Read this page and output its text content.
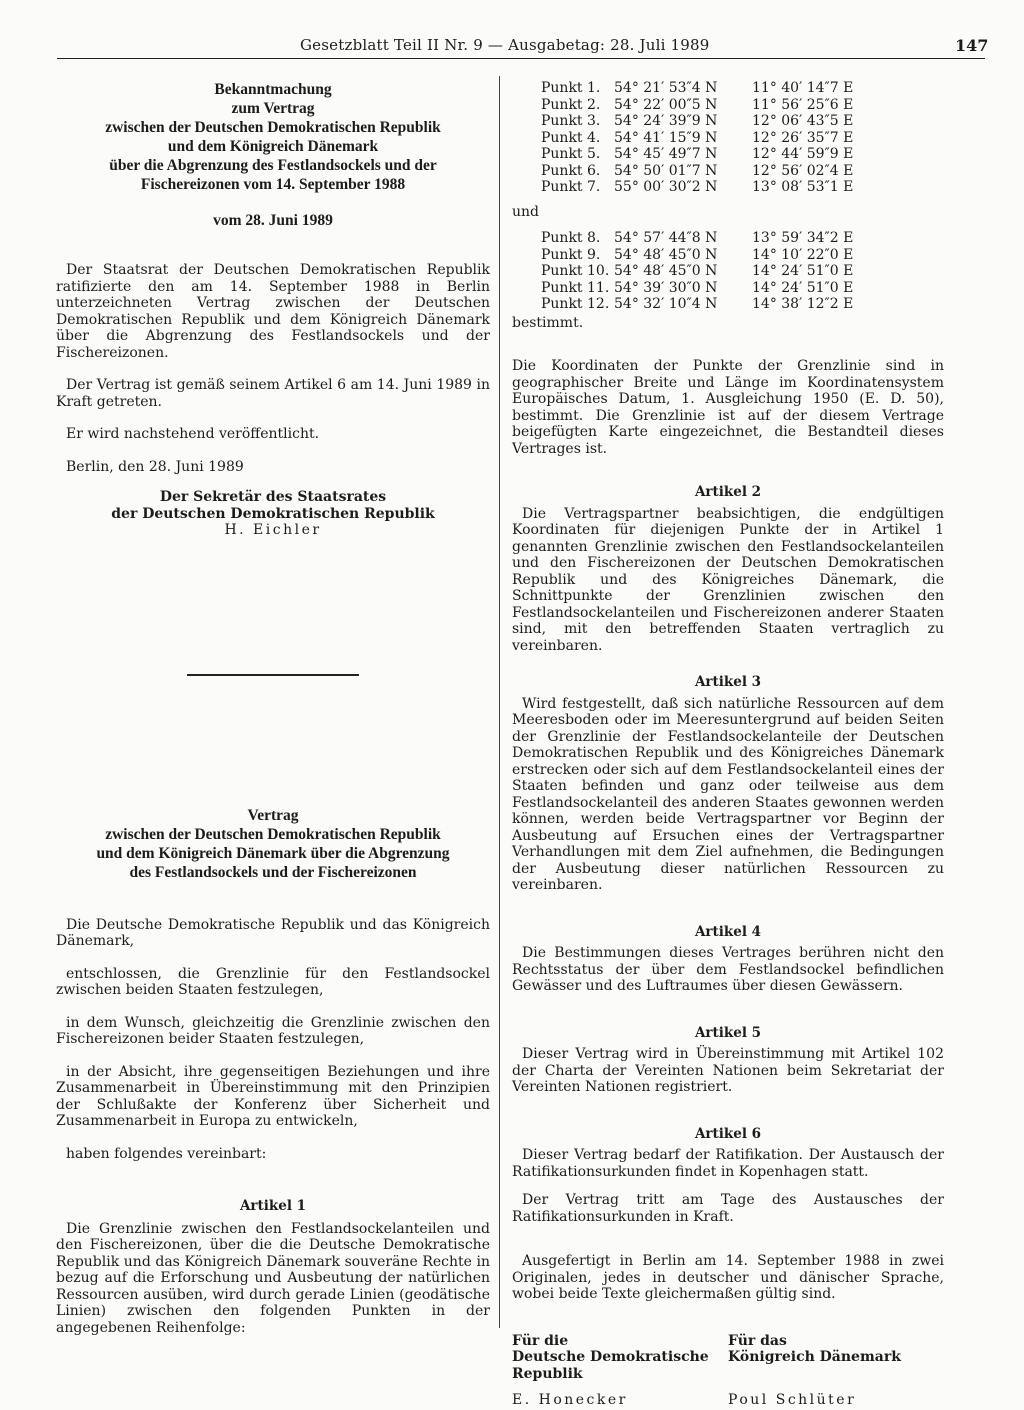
Gesetzblatt Teil II Nr. 9 — Ausgabetag: 28. Juli 1989	147
Bekanntmachung
zum Vertrag
zwischen der Deutschen Demokratischen Republik
und dem Königreich Dänemark
über die Abgrenzung des Festlandsockels und der
Fischereizonen vom 14. September 1988
vom 28. Juni 1989

Der Staatsrat der Deutschen Demokratischen Republik ratifizierte den am 14. September 1988 in Berlin unterzeichneten Vertrag zwischen der Deutschen Demokratischen Republik und dem Königreich Dänemark über die Abgrenzung des Festlandsockels und der Fischereizonen.

Der Vertrag ist gemäß seinem Artikel 6 am 14. Juni 1989 in Kraft getreten.

Er wird nachstehend veröffentlicht.

Berlin, den 28. Juni 1989

Der Sekretär des Staatsrates
der Deutschen Demokratischen Republik
H. Eichler
Vertrag
zwischen der Deutschen Demokratischen Republik
und dem Königreich Dänemark über die Abgrenzung
des Festlandsockels und der Fischereizonen

Die Deutsche Demokratische Republik und das Königreich Dänemark,

entschlossen, die Grenzlinie für den Festlandsockel zwischen beiden Staaten festzulegen,

in dem Wunsch, gleichzeitig die Grenzlinie zwischen den Fischereizonen beider Staaten festzulegen,

in der Absicht, ihre gegenseitigen Beziehungen und ihre Zusammenarbeit in Übereinstimmung mit den Prinzipien der Schlußakte der Konferenz über Sicherheit und Zusammenarbeit in Europa zu entwickeln,

haben folgendes vereinbart:

Artikel 1

Die Grenzlinie zwischen den Festlandsockelanteilen und den Fischereizonen, über die die Deutsche Demokratische Republik und das Königreich Dänemark souveräne Rechte in bezug auf die Erforschung und Ausbeutung der natürlichen Ressourcen ausüben, wird durch gerade Linien (geodätische Linien) zwischen den folgenden Punkten in der angegebenen Reihenfolge:

Punkt 1.	54° 21′ 53″4 N	11° 40′ 14″7 E
Punkt 2.	54° 22′ 00″5 N	11° 56′ 25″6 E
Punkt 3.	54° 24′ 39″9 N	12° 06′ 43″5 E
Punkt 4.	54° 41′ 15″9 N	12° 26′ 35″7 E
Punkt 5.	54° 45′ 49″7 N	12° 44′ 59″9 E
Punkt 6.	54° 50′ 01″7 N	12° 56′ 02″4 E
Punkt 7.	55° 00′ 30″2 N	13° 08′ 53″1 E
und
Punkt 8.	54° 57′ 44″8 N	13° 59′ 34″2 E
Punkt 9.	54° 48′ 45″0 N	14° 10′ 22″0 E
Punkt 10.	54° 48′ 45″0 N	14° 24′ 51″0 E
Punkt 11.	54° 39′ 30″0 N	14° 24′ 51″0 E
Punkt 12.	54° 32′ 10″4 N	14° 38′ 12″2 E
bestimmt.

Die Koordinaten der Punkte der Grenzlinie sind in geographischer Breite und Länge im Koordinatensystem Europäisches Datum, 1. Ausgleichung 1950 (E. D. 50), bestimmt. Die Grenzlinie ist auf der diesem Vertrage beigefügten Karte eingezeichnet, die Bestandteil dieses Vertrages ist.

Artikel 2

Die Vertragspartner beabsichtigen, die endgültigen Koordinaten für diejenigen Punkte der in Artikel 1 genannten Grenzlinie zwischen den Festlandsockelanteilen und den Fischereizonen der Deutschen Demokratischen Republik und des Königreiches Dänemark, die Schnittpunkte der Grenzlinien zwischen den Festlandsockelanteilen und Fischereizonen anderer Staaten sind, mit den betreffenden Staaten vertraglich zu vereinbaren.

Artikel 3

Wird festgestellt, daß sich natürliche Ressourcen auf dem Meeresboden oder im Meeresuntergrund auf beiden Seiten der Grenzlinie der Festlandsockelanteile der Deutschen Demokratischen Republik und des Königreiches Dänemark erstrecken oder sich auf dem Festlandsockelanteil eines der Staaten befinden und ganz oder teilweise aus dem Festlandsockelanteil des anderen Staates gewonnen werden können, werden beide Vertragspartner vor Beginn der Ausbeutung auf Ersuchen eines der Vertragspartner Verhandlungen mit dem Ziel aufnehmen, die Bedingungen der Ausbeutung dieser natürlichen Ressourcen zu vereinbaren.

Artikel 4

Die Bestimmungen dieses Vertrages berühren nicht den Rechtsstatus der über dem Festlandsockel befindlichen Gewässer und des Luftraumes über diesen Gewässern.

Artikel 5

Dieser Vertrag wird in Übereinstimmung mit Artikel 102 der Charta der Vereinten Nationen beim Sekretariat der Vereinten Nationen registriert.

Artikel 6

Dieser Vertrag bedarf der Ratifikation. Der Austausch der Ratifikationsurkunden findet in Kopenhagen statt.

Der Vertrag tritt am Tage des Austausches der Ratifikationsurkunden in Kraft.

Ausgefertigt in Berlin am 14. September 1988 in zwei Originalen, jedes in deutscher und dänischer Sprache, wobei beide Texte gleichermaßen gültig sind.

Für die
Deutsche Demokratische
Republik
E. Honecker
Für das
Königreich Dänemark
Poul Schlüter
